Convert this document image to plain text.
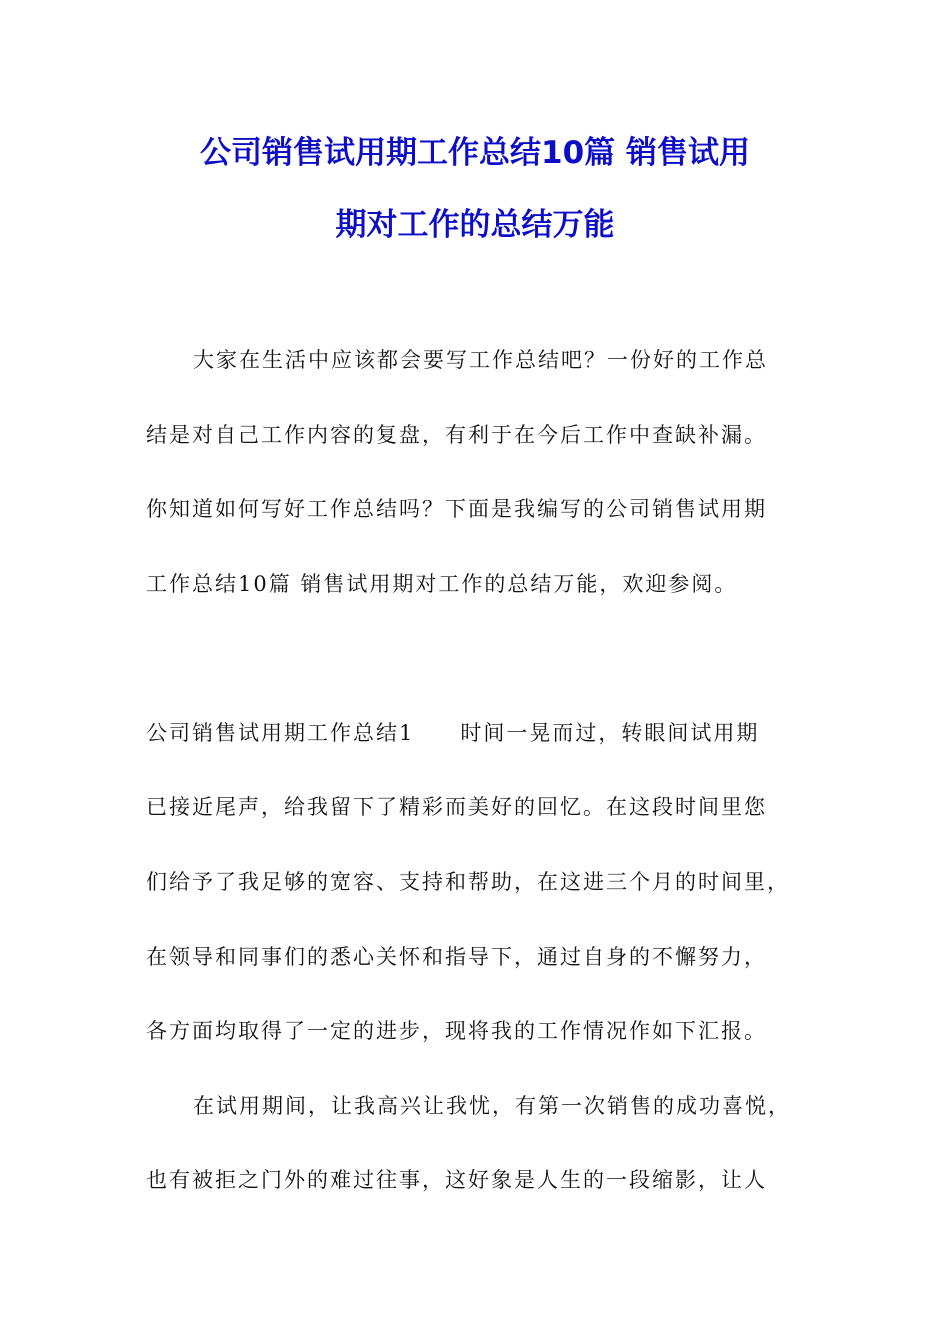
公司销售试用期工作总结10篇 销售试用
期对工作的总结万能
大家在生活中应该都会要写工作总结吧？一份好的工作总
结是对自己工作内容的复盘，有利于在今后工作中查缺补漏。
你知道如何写好工作总结吗？下面是我编写的公司销售试用期
工作总结10篇 销售试用期对工作的总结万能，欢迎参阅。
公司销售试用期工作总结1　　时间一晃而过，转眼间试用期
已接近尾声，给我留下了精彩而美好的回忆。在这段时间里您
们给予了我足够的宽容、支持和帮助，在这进三个月的时间里，
在领导和同事们的悉心关怀和指导下，通过自身的不懈努力，
各方面均取得了一定的进步，现将我的工作情况作如下汇报。
在试用期间，让我高兴让我忧，有第一次销售的成功喜悦，
也有被拒之门外的难过往事，这好象是人生的一段缩影，让人
